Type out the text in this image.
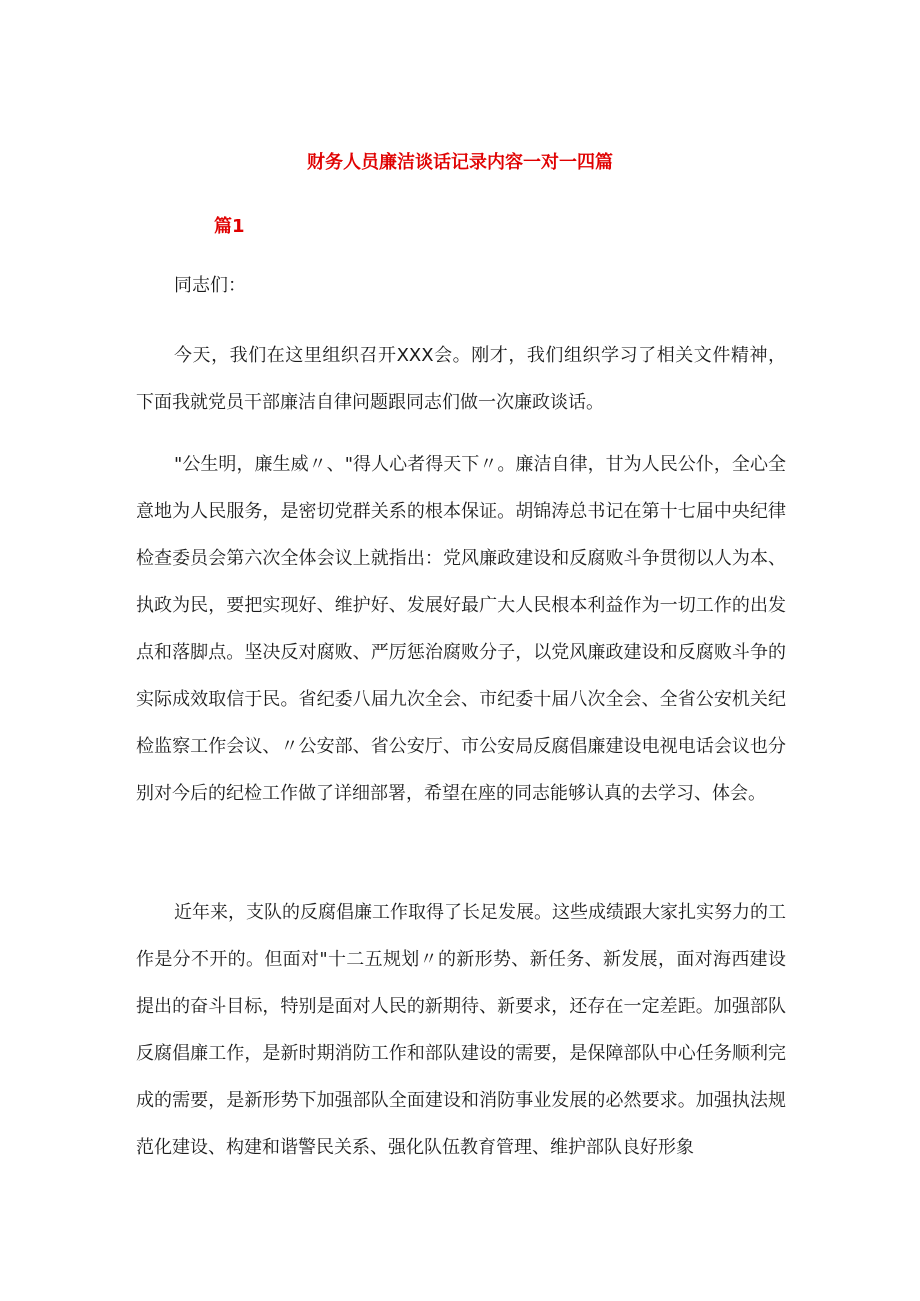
财务人员廉洁谈话记录内容一对一四篇
篇1
同志们：

今天，我们在这里组织召开XXX会。刚才，我们组织学习了相关文件精神，下面我就党员干部廉洁自律问题跟同志们做一次廉政谈话。

"公生明，廉生威〃、"得人心者得天下〃。廉洁自律，甘为人民公仆，全心全意地为人民服务，是密切党群关系的根本保证。胡锦涛总书记在第十七届中央纪律检查委员会第六次全体会议上就指出：党风廉政建设和反腐败斗争贯彻以人为本、执政为民，要把实现好、维护好、发展好最广大人民根本利益作为一切工作的出发点和落脚点。坚决反对腐败、严厉惩治腐败分子，以党风廉政建设和反腐败斗争的实际成效取信于民。省纪委八届九次全会、市纪委十届八次全会、全省公安机关纪检监察工作会议、〃公安部、省公安厅、市公安局反腐倡廉建设电视电话会议也分别对今后的纪检工作做了详细部署，希望在座的同志能够认真的去学习、体会。

近年来，支队的反腐倡廉工作取得了长足发展。这些成绩跟大家扎实努力的工作是分不开的。但面对"十二五规划〃的新形势、新任务、新发展，面对海西建设提出的奋斗目标，特别是面对人民的新期待、新要求，还存在一定差距。加强部队反腐倡廉工作，是新时期消防工作和部队建设的需要，是保障部队中心任务顺利完成的需要，是新形势下加强部队全面建设和消防事业发展的必然要求。加强执法规范化建设、构建和谐警民关系、强化队伍教育管理、维护部队良好形象
